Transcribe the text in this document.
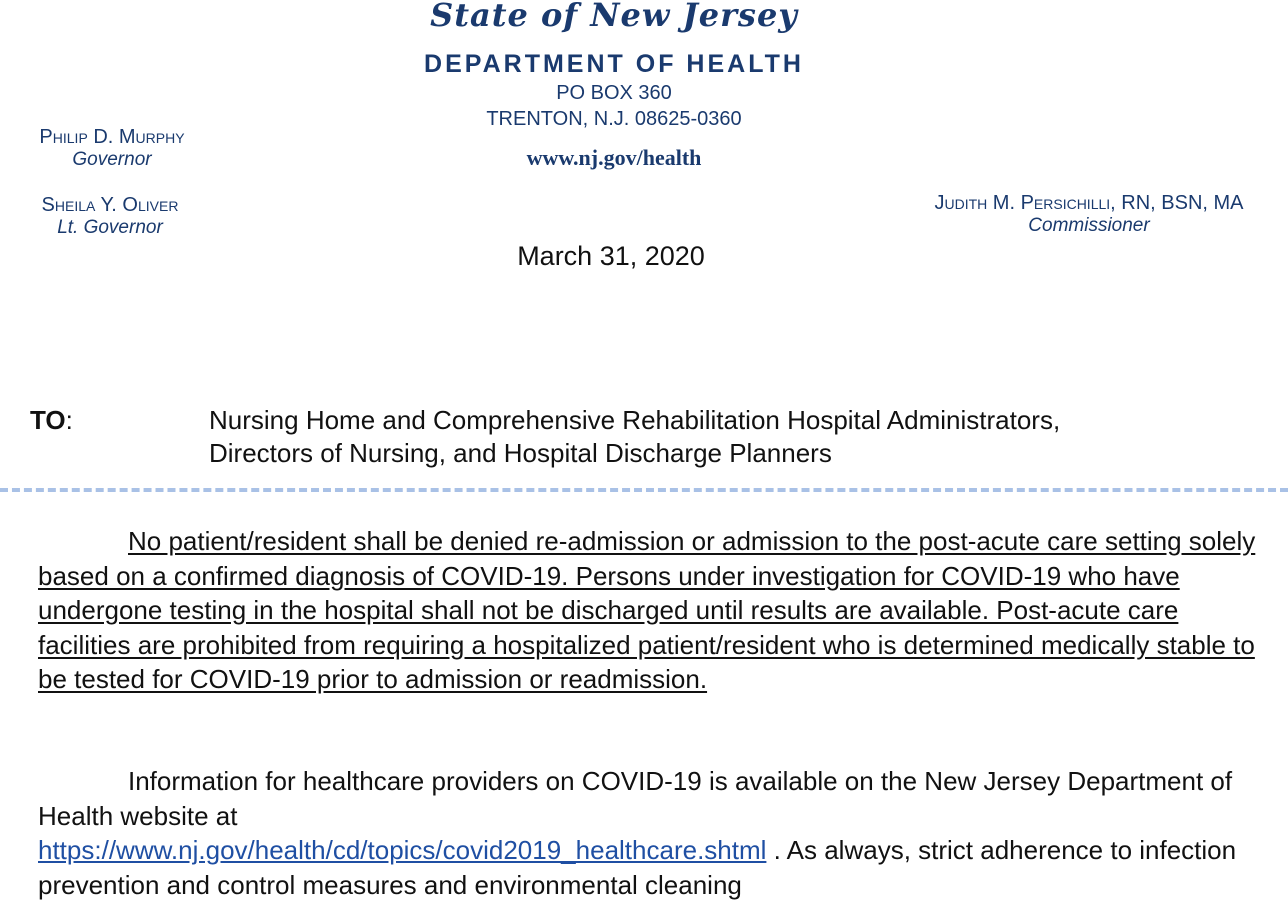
State of New Jersey
DEPARTMENT OF HEALTH
PO BOX 360
TRENTON, N.J. 08625-0360
www.nj.gov/health
Philip D. Murphy
Governor
Sheila Y. Oliver
Lt. Governor
Judith M. Persichilli, RN, BSN, MA
Commissioner
March 31, 2020
TO:	Nursing Home and Comprehensive Rehabilitation Hospital Administrators,
Directors of Nursing, and Hospital Discharge Planners
No patient/resident shall be denied re-admission or admission to the post-acute care setting solely based on a confirmed diagnosis of COVID-19. Persons under investigation for COVID-19 who have undergone testing in the hospital shall not be discharged until results are available. Post-acute care facilities are prohibited from requiring a hospitalized patient/resident who is determined medically stable to be tested for COVID-19 prior to admission or readmission.
Information for healthcare providers on COVID-19 is available on the New Jersey Department of Health website at
https://www.nj.gov/health/cd/topics/covid2019_healthcare.shtml . As always, strict adherence to infection prevention and control measures and environmental cleaning
